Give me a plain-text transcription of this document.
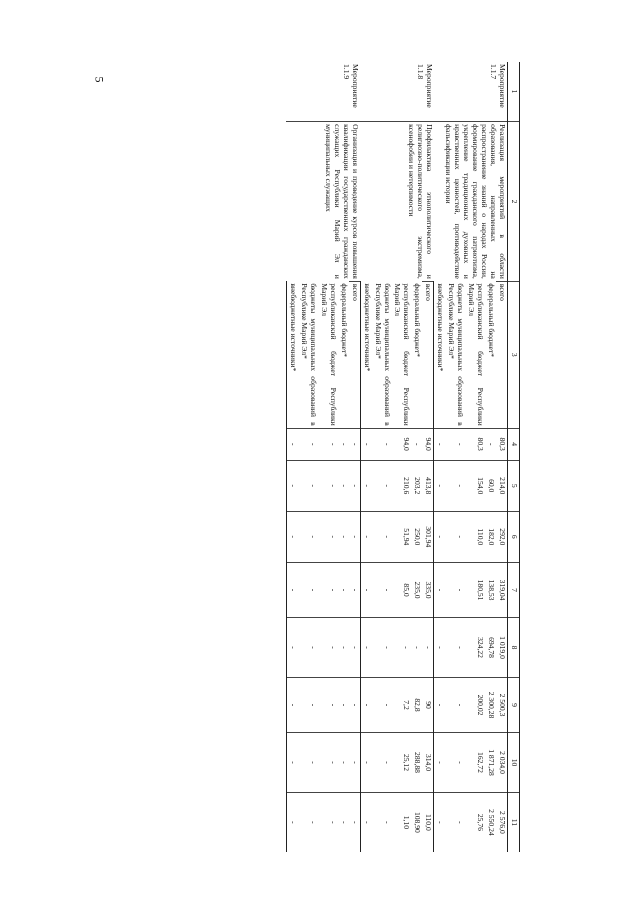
5
1	2	3	4	5	6	7	8	9	10	11
Мероприятие 1.1.7	Реализация мероприятий в области образования, направленных на распространение знаний о народах России, формирование гражданского патриотизма, укрепление традиционных духовных и нравственных ценностей, противодействие фальсификации истории	всего	80,3	214,0	292,0	319,04	1 019,0	2 500,3	2 034,0	2 576,0
		федеральный бюджет*	-	60,0	182,0	138,53	694,78	2 300,28	1 871,28	2 550,24
		республиканский бюджет Республики Марий Эл	80,3	154,0	110,0	180,51	324,22	200,02	162,72	25,76
		бюджеты муниципальных образований в Республике Марий Эл*	-	-	-	-	-	-	-	-
		внебюджетные источники*	-	-	-	-	-	-	-	-
Мероприятие 1.1.8	Профилактика этнополитического и религиозно-политического экстремизма, ксенофобии и нетерпимости	всего	94,0	413,8	301,94	335,0	-	90	314,0	110,0
		федеральный бюджет*	-	203,2	250,0	235,0	-	82,8	288,88	108,90
		республиканский бюджет Республики Марий Эл	94,0	210,6	51,94	85,0	-	7,2	25,12	1,10
		бюджеты муниципальных образований в Республике Марий Эл*	-	-	-	-	-	-	-	-
		внебюджетные источники*	-	-	-	-	-	-	-	-
Мероприятие 1.1.9	Организация и проведение курсов повышения квалификации государственных гражданских служащих Республики Марий Эл и муниципальных служащих	всего	-	-	-	-	-	-	-	-
		федеральный бюджет*	-	-	-	-	-	-	-	-
		республиканский бюджет Республики Марий Эл	-	-	-	-	-	-	-	-
		бюджеты муниципальных образований в Республике Марий Эл*	-	-	-	-	-	-	-	-
		внебюджетные источники*	-	-	-	-	-	-	-	-
